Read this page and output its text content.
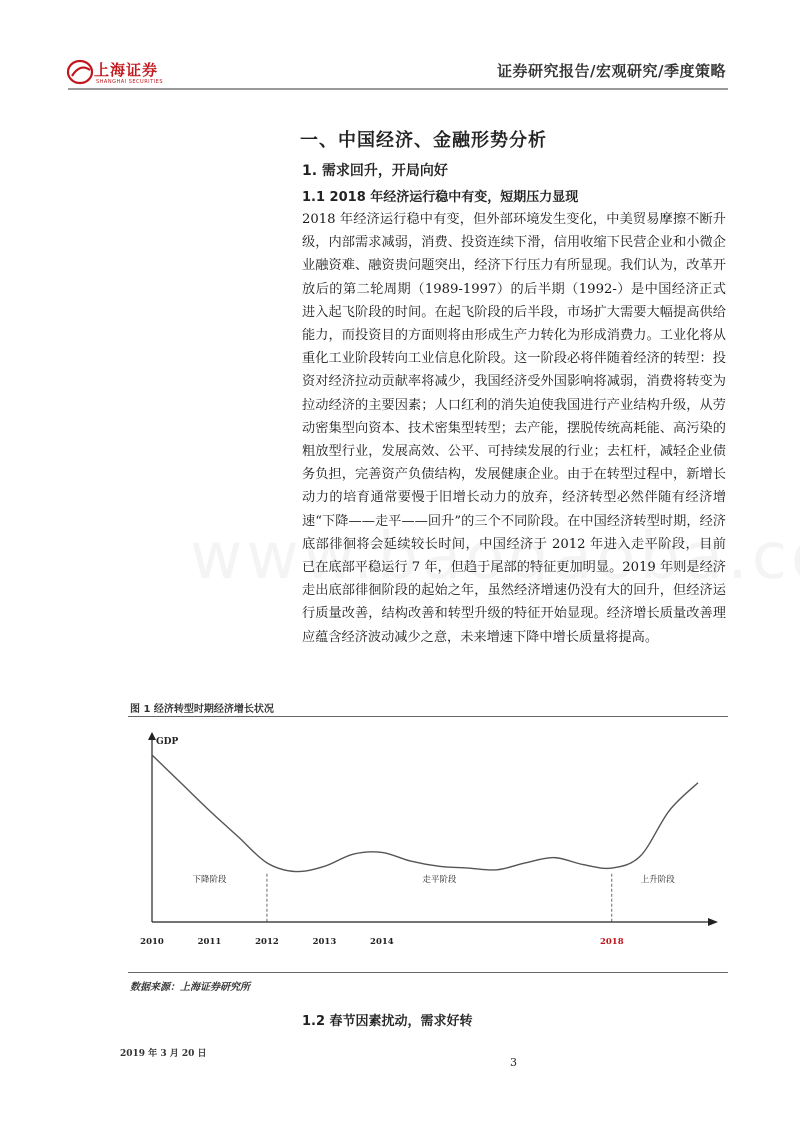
上海证券
SHANGHAI SECURITIES
证券研究报告/宏观研究/季度策略
一、中国经济、金融形势分析
1. 需求回升，开局向好
1.1 2018 年经济运行稳中有变，短期压力显现
2018 年经济运行稳中有变，但外部环境发生变化，中美贸易摩擦不断升级，内部需求减弱，消费、投资连续下滑，信用收缩下民营企业和小微企业融资难、融资贵问题突出，经济下行压力有所显现。我们认为，改革开放后的第二轮周期（1989-1997）的后半期（1992-）是中国经济正式进入起飞阶段的时间。在起飞阶段的后半段，市场扩大需要大幅提高供给能力，而投资目的方面则将由形成生产力转化为形成消费力。工业化将从重化工业阶段转向工业信息化阶段。这一阶段必将伴随着经济的转型：投资对经济拉动贡献率将减少，我国经济受外国影响将减弱，消费将转变为拉动经济的主要因素；人口红利的消失迫使我国进行产业结构升级，从劳动密集型向资本、技术密集型转型；去产能，摆脱传统高耗能、高污染的粗放型行业，发展高效、公平、可持续发展的行业；去杠杆，减轻企业债务负担，完善资产负债结构，发展健康企业。由于在转型过程中，新增长动力的培育通常要慢于旧增长动力的放弃，经济转型必然伴随有经济增速“下降——走平——回升”的三个不同阶段。在中国经济转型时期，经济底部徘徊将会延续较长时间，中国经济于 2012 年进入走平阶段，目前已在底部平稳运行 7 年，但趋于尾部的特征更加明显。2019 年则是经济走出底部徘徊阶段的起始之年，虽然经济增速仍没有大的回升，但经济运行质量改善，结构改善和转型升级的特征开始显现。经济增长质量改善理应蕴含经济波动减少之意，未来增速下降中增长质量将提高。
图 1 经济转型时期经济增长状况
GDP
下降阶段	走平阶段	上升阶段
2010	2011	2012	2013	2014	2018
数据来源：上海证券研究所
1.2 春节因素扰动，需求好转
2019 年 3 月 20 日
3
